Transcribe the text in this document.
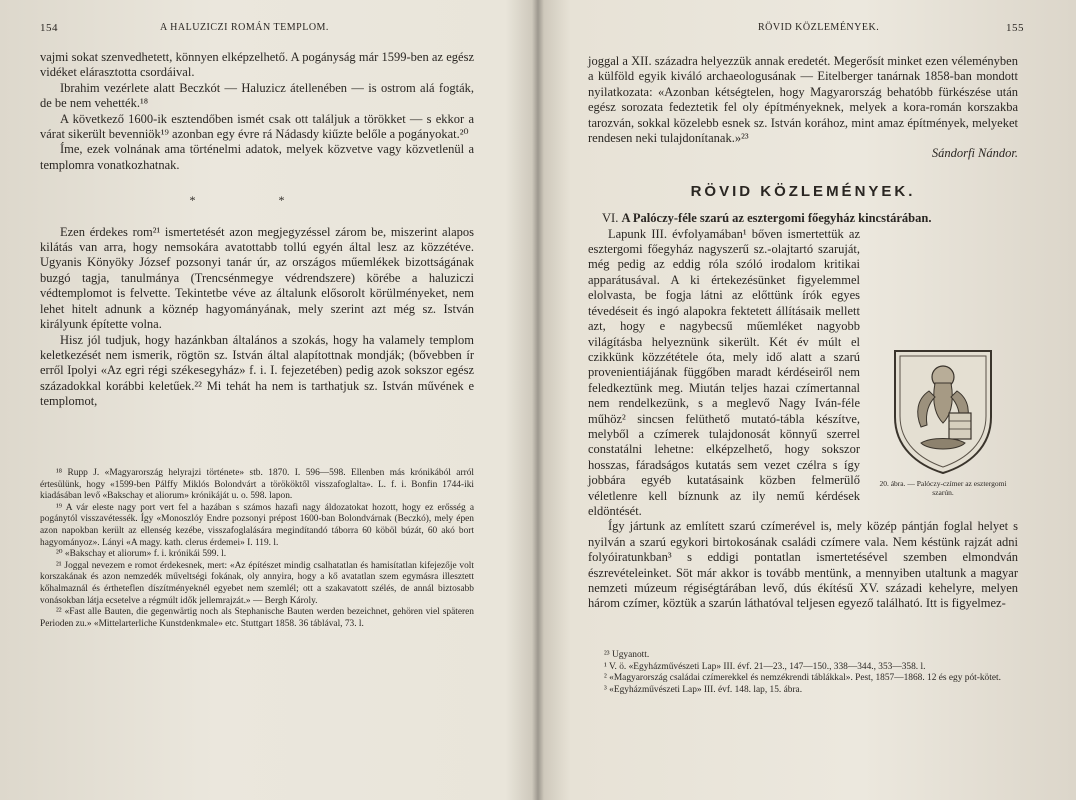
154	A HALUZICZI ROMÁN TEMPLOM.

vajmi sokat szenvedhetett, könnyen elképzelhető. A pogányság már 1599-ben az egész vidéket elárasztotta csordáival.

Ibrahim vezérlete alatt Beczkót — Haluzicz átellenében — is ostrom alá fogták, de be nem vehették.¹⁸

A következő 1600-ik esztendőben ismét csak ott találjuk a törökket — s ekkor a várat sikerült bevenniök¹⁹ azonban egy évre rá Nádasdy kiűzte belőle a pogányokat.²⁰

Íme, ezek volnának ama történelmi adatok, melyek közvetve vagy közvetlenül a templomra vonatkozhatnak.

* *

Ezen érdekes rom²¹ ismertetését azon megjegyzéssel zárom be, miszerint alapos kilátás van arra, hogy nemsokára avatottabb tollú egyén által lesz az közzétéve. Ugyanis Könyöky József pozsonyi tanár úr, az országos műemlékek bizottságának buzgó tagja, tanulmánya (Trencsénmegye védrendszere) körébe a haluziczi védtemplomot is felvette. Tekintetbe véve az általunk elősorolt körülményeket, nem lehet hitelt adnunk a köznép hagyományának, mely szerint azt még sz. István királyunk építette volna.

Hisz jól tudjuk, hogy hazánkban általános a szokás, hogy ha valamely templom keletkezését nem ismerik, rögtön sz. István által alapítottnak mondják; (bővebben ír erről Ipolyi «Az egri régi székesegyház» f. i. I. fejezetében) pedig azok sokszor egész századokkal korábbi keletűek.²² Mi tehát ha nem is tarthatjuk sz. István művének e templomot,

¹⁸ Rupp J. «Magyarország helyrajzi története» stb. 1870. I. 596—598. Ellenben más krónikából arról értesülünk, hogy «1599-ben Pálffy Miklós Bolondvárt a törököktől visszafoglalta». L. f. i. Bonfin 1744-iki kiadásában levő «Bakschay et aliorum» krónikáját u. o. 598. lapon.

¹⁹ A vár eleste nagy port vert fel a hazában s számos hazafi nagy áldozatokat hozott, hogy ez erősség a pogánytól visszavétessék. Így «Monoszlóy Endre pozsonyi prépost 1600-ban Bolondvárnak (Beczkó), mely épen azon napokban került az ellenség kezébe, visszafoglalására megindítandó táborra 60 köböl búzát, 60 akó bort hagyományoz». Lányi «A magy. kath. clerus érdemei» I. 119. l.

²⁰ «Bakschay et aliorum» f. i. krónikái 599. l.

²¹ Joggal nevezem e romot érdekesnek, mert: «Az építészet mindig csalhatatlan és hamisítatlan kifejezője volt korszakának és azon nemzedék műveltségi fokának, oly annyira, hogy a kő avatatlan szem egymásra illesztett kőhalmaznál és értheteflen díszítményeknél egyebet nem szemlél; ott a szakavatott szélés, de annál biztosabb vonásokban látja ecsetelve a régmúlt idők jellemrajzát.» — Bergh Károly.

²² «Fast alle Bauten, die gegenwärtig noch als Stephanische Bauten werden bezeichnet, gehören viel späteren Perioden zu.» «Mittelarterliche Kunstdenkmale» etc. Stuttgart 1858. 36 táblával, 73. l.

RÖVID KÖZLEMÉNYEK.	155

joggal a XII. századra helyezzük annak eredetét. Megerősít minket ezen véleményben a külföld egyik kiváló archaeologusának — Eitelberger tanárnak 1858-ban mondott nyilatkozata: «Azonban kétségtelen, hogy Magyarország behatóbb fürkészése után egész sorozata fedeztetik fel oly építményeknek, melyek a kora-román korszakba tarozván, sokkal közelebb esnek sz. István korához, mint amaz építmények, melyeket rendesen neki tulajdonítanak.»²³

Sándorfi Nándor.

RÖVID KÖZLEMÉNYEK.

VI. A Palóczy-féle szarú az esztergomi főegyház kincstárában.

20. ábra. — Palóczy-czímer az esztergomi szarún.

Lapunk III. évfolyamában¹ bőven ismertettük az esztergomi főegyház nagyszerű sz.-olajtartó szaruját, még pedig az eddig róla szóló irodalom kritikai apparátusával. A ki értekezésünket figyelemmel elolvasta, be fogja látni az előttünk írók egyes tévedéseit és ingó alapokra fektetett állításaik mellett azt, hogy e nagybecsű műemléket nagyobb világításba helyeznünk sikerült. Két év múlt el czikkünk közzététele óta, mely idő alatt a szarú provenientiájának függőben maradt kérdéseiről nem feledkeztünk meg. Miután teljes hazai czímertannal nem rendelkezünk, s a meglevő Nagy Iván-féle műhöz² sincsen felüthető mutató-tábla készítve, melyből a czímerek tulajdonosát könnyű szerrel constatálni lehetne: elképzelhető, hogy sokszor hosszas, fáradságos kutatás sem vezet czélra s így jobbára egyéb kutatásaink közben felmerülő véletlenre kell bíznunk az ily nemű kérdések eldöntését.

Így jártunk az említett szarú czímerével is, mely közép pántján foglal helyet s nyilván a szarú egykori birtokosának családi czímere vala. Nem késtünk rajzát adni folyóiratunkban³ s eddigi pontatlan ismertetésével szemben elmondván észrevételeinket. Söt már akkor is tovább mentünk, a mennyiben utaltunk a magyar nemzeti múzeum régiségtárában levő, dús ékítésű XV. századi kehelyre, melyen három czímer, köztük a szarún láthatóval teljesen egyező található. Itt is figyelmez-

²³ Ugyanott.

¹ V. ö. «Egyházművészeti Lap» III. évf. 21—23., 147—150., 338—344., 353—358. l.

² «Magyarország családai czímerekkel és nemzékrendi táblákkal». Pest, 1857—1868. 12 és egy pót-kötet.

³ «Egyházművészeti Lap» III. évf. 148. lap, 15. ábra.
